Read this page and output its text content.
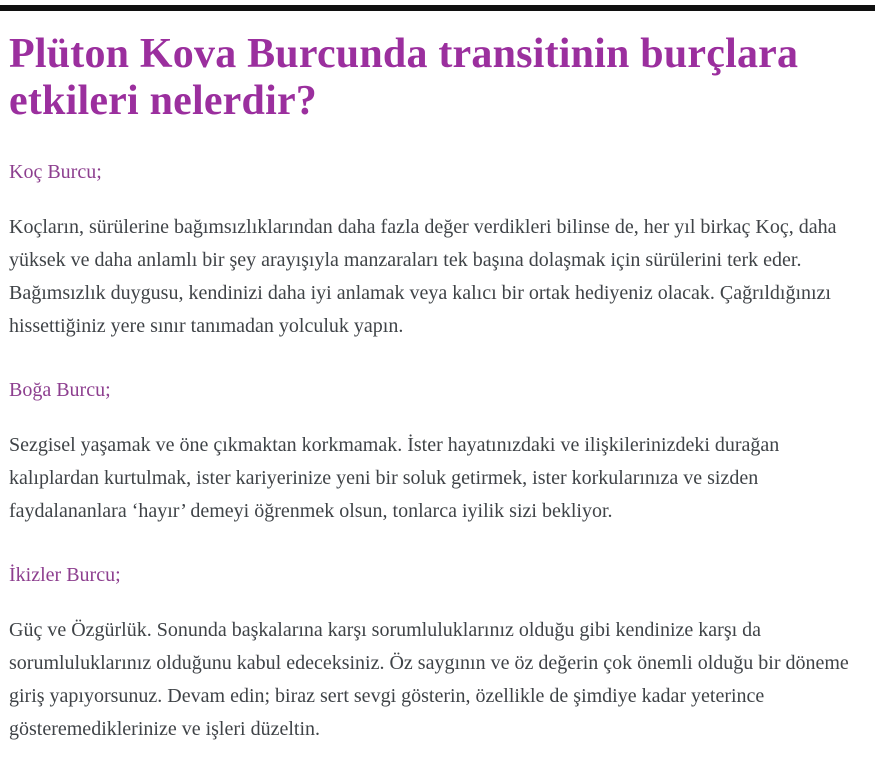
Plüton Kova Burcunda transitinin burçlara etkileri nelerdir?
Koç Burcu;

Koçların, sürülerine bağımsızlıklarından daha fazla değer verdikleri bilinse de, her yıl birkaç Koç, daha yüksek ve daha anlamlı bir şey arayışıyla manzaraları tek başına dolaşmak için sürülerini terk eder. Bağımsızlık duygusu, kendinizi daha iyi anlamak veya kalıcı bir ortak hediyeniz olacak. Çağrıldığınızı hissettiğiniz yere sınır tanımadan yolculuk yapın.

Boğa Burcu;

Sezgisel yaşamak ve öne çıkmaktan korkmamak. İster hayatınızdaki ve ilişkilerinizdeki durağan kalıplardan kurtulmak, ister kariyerinize yeni bir soluk getirmek, ister korkularınıza ve sizden faydalananlara ‘hayır’ demeyi öğrenmek olsun, tonlarca iyilik sizi bekliyor.

İkizler Burcu;

Güç ve Özgürlük. Sonunda başkalarına karşı sorumluluklarınız olduğu gibi kendinize karşı da sorumluluklarınız olduğunu kabul edeceksiniz. Öz saygının ve öz değerin çok önemli olduğu bir döneme giriş yapıyorsunuz. Devam edin; biraz sert sevgi gösterin, özellikle de şimdiye kadar yeterince gösteremediklerinize ve işleri düzeltin.
